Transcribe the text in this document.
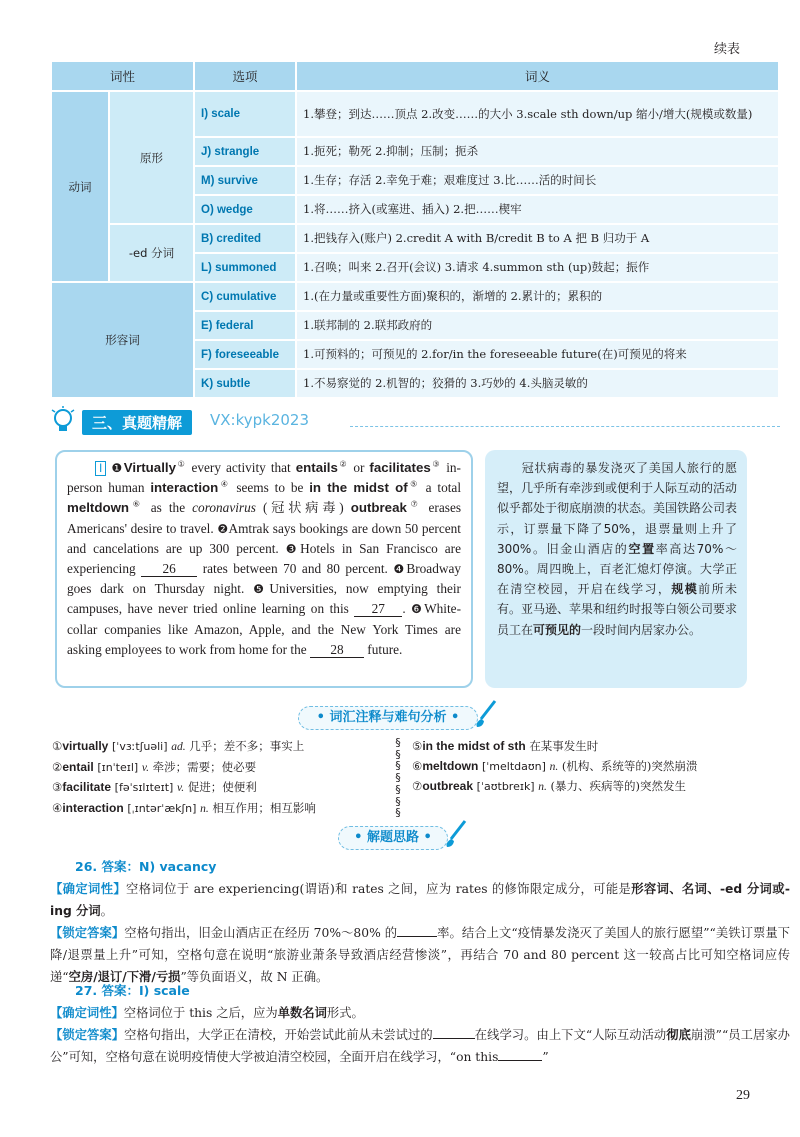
续表
词性		选项	词义
动词	原形	I) scale	1.攀登；到达……顶点 2.改变……的大小 3.scale sth down/up 缩小/增大(规模或数量)
		J) strangle	1.扼死；勒死 2.抑制；压制；扼杀
		M) survive	1.生存；存活 2.幸免于难；艰难度过 3.比……活的时间长
		O) wedge	1.将……挤入(或塞进、插入) 2.把……楔牢
	-ed 分词	B) credited	1.把钱存入(账户) 2.credit A with B/credit B to A 把 B 归功于 A
		L) summoned	1.召唤；叫来 2.召开(会议) 3.请求 4.summon sth (up)鼓起；振作
形容词		C) cumulative	1.(在力量或重要性方面)聚积的，渐增的 2.累计的；累积的
		E) federal	1.联邦制的 2.联邦政府的
		F) foreseeable	1.可预料的；可预见的 2.for/in the foreseeable future(在)可预见的将来
		K) subtle	1.不易察觉的 2.机智的；狡猾的 3.巧妙的 4.头脑灵敏的
三、真题精解	VX:kypk2023
I ❶Virtually① every activity that entails② or facilitates③ in-person human interaction④ seems to be in the midst of⑤ a total meltdown⑥ as the coronavirus (冠状病毒) outbreak⑦ erases Americans' desire to travel. ❷Amtrak says bookings are down 50 percent and cancelations are up 300 percent. ❸Hotels in San Francisco are experiencing 26 rates between 70 and 80 percent. ❹Broadway goes dark on Thursday night. ❺Universities, now emptying their campuses, have never tried online learning on this 27 . ❻White-collar companies like Amazon, Apple, and the New York Times are asking employees to work from home for the 28 future.
冠状病毒的暴发浇灭了美国人旅行的愿望，几乎所有牵涉到或便利于人际互动的活动似乎都处于彻底崩溃的状态。美国铁路公司表示，订票量下降了50%，退票量则上升了300%。旧金山酒店的空置率高达70%～80%。周四晚上，百老汇熄灯停演。大学正在清空校园，开启在线学习，规模前所未有。亚马逊、苹果和纽约时报等白领公司要求员工在可预见的一段时间内居家办公。
• 词汇注释与难句分析 •
①virtually [ˈvɜːtʃuəli] ad. 几乎；差不多；事实上
②entail [ɪnˈteɪl] v. 牵涉；需要；使必要
③facilitate [fəˈsɪlɪteɪt] v. 促进；使便利
④interaction [ˌɪntərˈækʃn] n. 相互作用；相互影响
§
§
§
§
§
§
§
⑤in the midst of sth 在某事发生时
⑥meltdown [ˈmeltdaʊn] n. (机构、系统等的)突然崩溃
⑦outbreak [ˈaʊtbreɪk] n. (暴力、疾病等的)突然发生
• 解题思路 •
26. 答案：N) vacancy
【确定词性】空格词位于 are experiencing(谓语)和 rates 之间，应为 rates 的修饰限定成分，可能是形容词、名词、-ed 分词或-ing 分词。
【锁定答案】空格句指出，旧金山酒店正在经历 70%～80% 的	率。结合上文“疫情暴发浇灭了美国人的旅行愿望”“美铁订票量下降/退票量上升”可知，空格句意在说明“旅游业萧条导致酒店经营惨淡”，再结合 70 and 80 percent 这一较高占比可知空格词应传递“空房/退订/下滑/亏损”等负面语义，故 N 正确。
27. 答案：I) scale
【确定词性】空格词位于 this 之后，应为单数名词形式。
【锁定答案】空格句指出，大学正在清校，开始尝试此前从未尝试过的	在线学习。由上下文“人际互动活动彻底崩溃”“员工居家办公”可知，空格句意在说明疫情使大学被迫清空校园，全面开启在线学习，“on this	”
29
